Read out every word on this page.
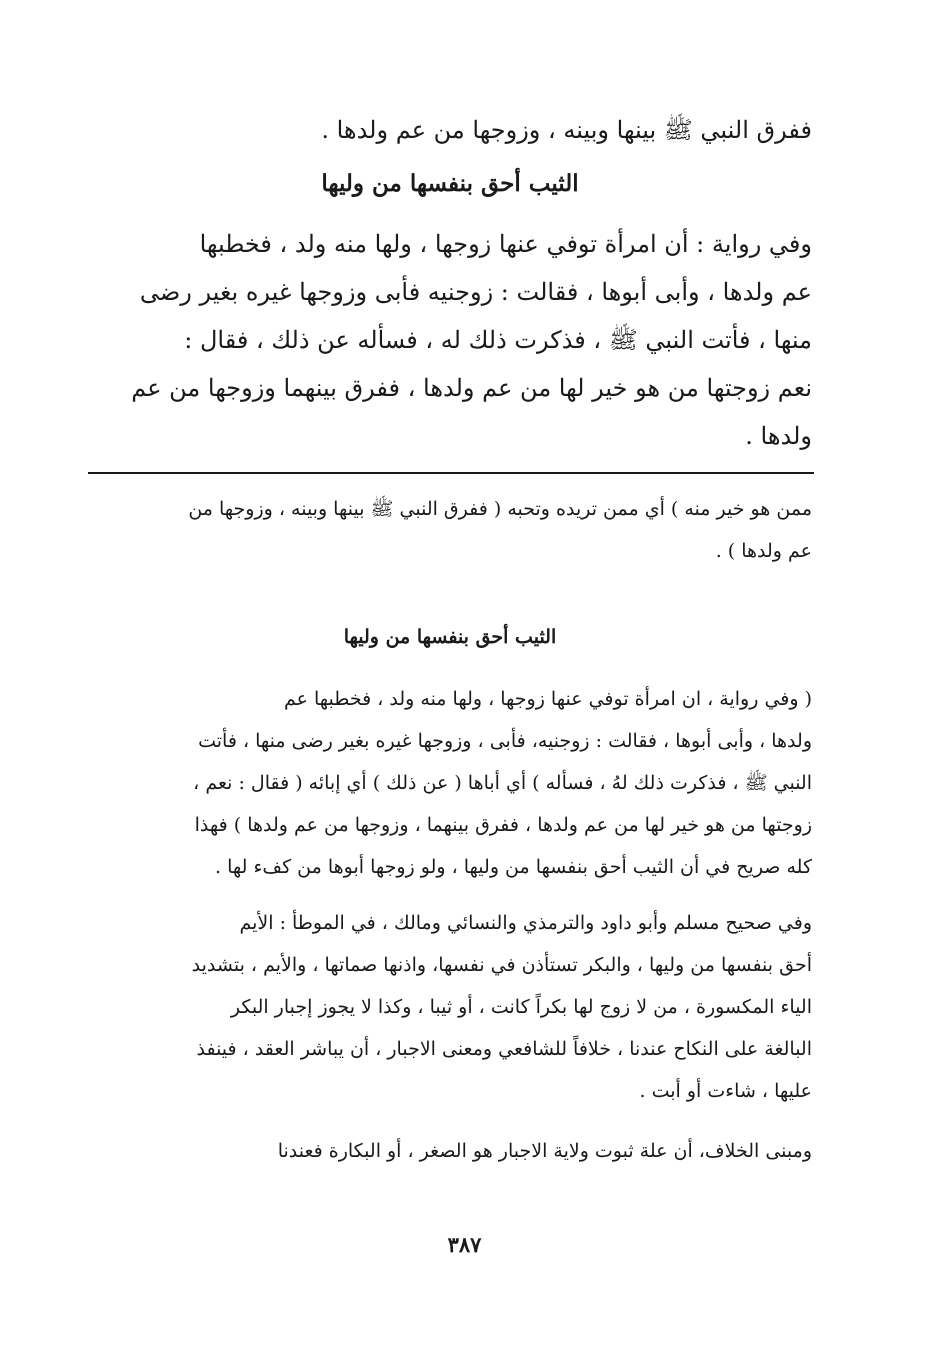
ففرق النبي ﷺ بينها وبينه ، وزوجها من عم ولدها .
الثيب أحق بنفسها من وليها
وفي رواية : أن امرأة توفي عنها زوجها ، ولها منه ولد ، فخطبها
عم ولدها ، وأبى أبوها ، فقالت : زوجنيه فأبى وزوجها غيره بغير رضى
منها ، فأتت النبي ﷺ ، فذكرت ذلك له ، فسأله عن ذلك ، فقال :
نعم زوجتها من هو خير لها من عم ولدها ، ففرق بينهما وزوجها من عم
ولدها .
ممن هو خير منه ) أي ممن تريده وتحبه ( ففرق النبي ﷺ بينها وبينه ، وزوجها من
عم ولدها ) .
الثيب أحق بنفسها من وليها
( وفي رواية ، ان امرأة توفي عنها زوجها ، ولها منه ولد ، فخطبها عم
ولدها ، وأبى أبوها ، فقالت : زوجنيه، فأبى ، وزوجها غيره بغير رضى منها ، فأتت
النبي ﷺ ، فذكرت ذلك لهُ ، فسأله ) أي أباها ( عن ذلك ) أي إبائه ( فقال : نعم ،
زوجتها من هو خير لها من عم ولدها ، ففرق بينهما ، وزوجها من عم ولدها ) فهذا
كله صريح في أن الثيب أحق بنفسها من وليها ، ولو زوجها أبوها من كفء لها .
وفي صحيح مسلم وأبو داود والترمذي والنسائي ومالك ، في الموطأ : الأيم
أحق بنفسها من وليها ، والبكر تستأذن في نفسها، واذنها صماتها ، والأيم ، بتشديد
الياء المكسورة ، من لا زوج لها بكراً كانت ، أو ثيبا ، وكذا لا يجوز إجبار البكر
البالغة على النكاح عندنا ، خلافاً للشافعي ومعنى الاجبار ، أن يباشر العقد ، فينفذ
عليها ، شاءت أو أبت .
ومبنى الخلاف، أن علة ثبوت ولاية الاجبار هو الصغر ، أو البكارة فعندنا
٣٨٧
